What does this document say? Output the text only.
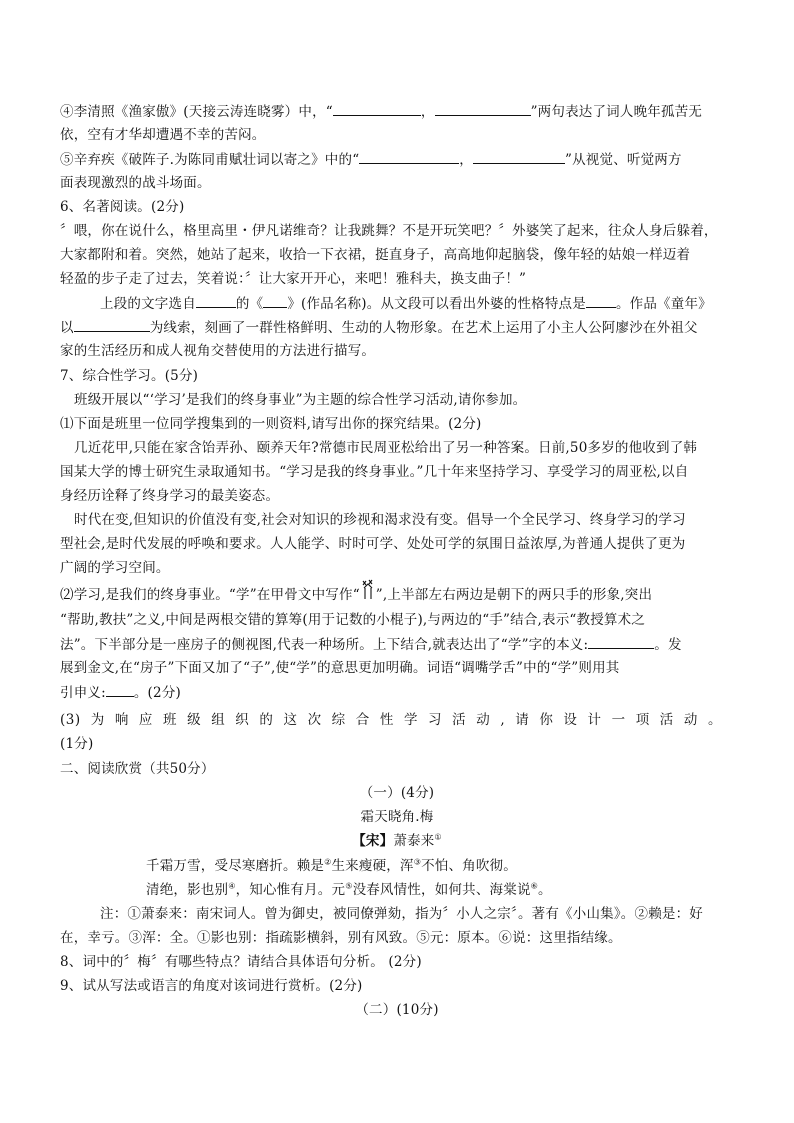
④李清照《渔家傲》(天接云涛连晓雾）中，“	，	”两句表达了词人晚年孤苦无
依，空有才华却遭遇不幸的苦闷。
⑤辛弃疾《破阵子.为陈同甫赋壮词以寄之》中的“	，	”从视觉、听觉两方
面表现激烈的战斗场面。
6、名著阅读。(2分)
〞喂，你在说什么，格里高里・伊凡诺维奇？让我跳舞？不是开玩笑吧？〞外婆笑了起来，往众人身后躲着，
大家都附和着。突然，她站了起来，收拾一下衣裙，挺直身子，高高地仰起脑袋，像年轻的姑娘一样迈着
轻盈的步子走了过去，笑着说：〞让大家开开心，来吧！雅科夫，换支曲子！”
上段的文字选自	的《 》(作品名称)。从文段可以看出外婆的性格特点是 。作品《童年》
以	为线索，刻画了一群性格鲜明、生动的人物形象。在艺术上运用了小主人公阿廖沙在外祖父
家的生活经历和成人视角交替使用的方法进行描写。
7、综合性学习。(5分)
班级开展以“‘学习’是我们的终身事业”为主题的综合性学习活动,请你参加。
⑴下面是班里一位同学搜集到的一则资料,请写出你的探究结果。(2分)
几近花甲,只能在家含饴弄孙、颐养天年?常德市民周亚松给出了另一种答案。日前,50多岁的他收到了韩
国某大学的博士研究生录取通知书。“学习是我的终身事业。”几十年来坚持学习、享受学习的周亚松,以自
身经历诠释了终身学习的最美姿态。
时代在变,但知识的价值没有变,社会对知识的珍视和渴求没有变。倡导一个全民学习、终身学习的学习
型社会,是时代发展的呼唤和要求。人人能学、时时可学、处处可学的氛围日益浓厚,为普通人提供了更为
广阔的学习空间。
⑵学习,是我们的终身事业。“学”在甲骨文中写作“ ”,上半部左右两边是朝下的两只手的形象,突出
“帮助,教扶”之义,中间是两根交错的算筹(用于记数的小棍子),与两边的“手”结合,表示“教授算术之
法”。下半部分是一座房子的侧视图,代表一种场所。上下结合,就表达出了“学”字的本义:	。发
展到金文,在“房子”下面又加了“子”,使“学”的意思更加明确。词语“调嘴学舌”中的“学”则用其
引申义: 。(2分)
(3)为响应班级组织的这次综合性学习活动,请你设计一项活动。
(1分)
二、阅读欣赏（共50分）
（一）(4分)
霜天晓角.梅
【宋】萧泰来①
千霜万雪，受尽寒磨折。赖是②生来瘦硬，浑③不怕、角吹彻。
清绝，影也别④，知心惟有月。元⑤没春风情性，如何共、海棠说⑥。
注：①萧泰来：南宋词人。曾为御史，被同僚弹劾，指为〞小人之宗〞。著有《小山集》。②赖是：好
在，幸亏。③浑：全。①影也别：指疏影横斜，别有风致。⑤元：原本。⑥说：这里指结缘。
8、词中的〞梅〞有哪些特点？请结合具体语句分析。 (2分)
9、试从写法或语言的角度对该词进行赏析。(2分)
（二）(10分)
